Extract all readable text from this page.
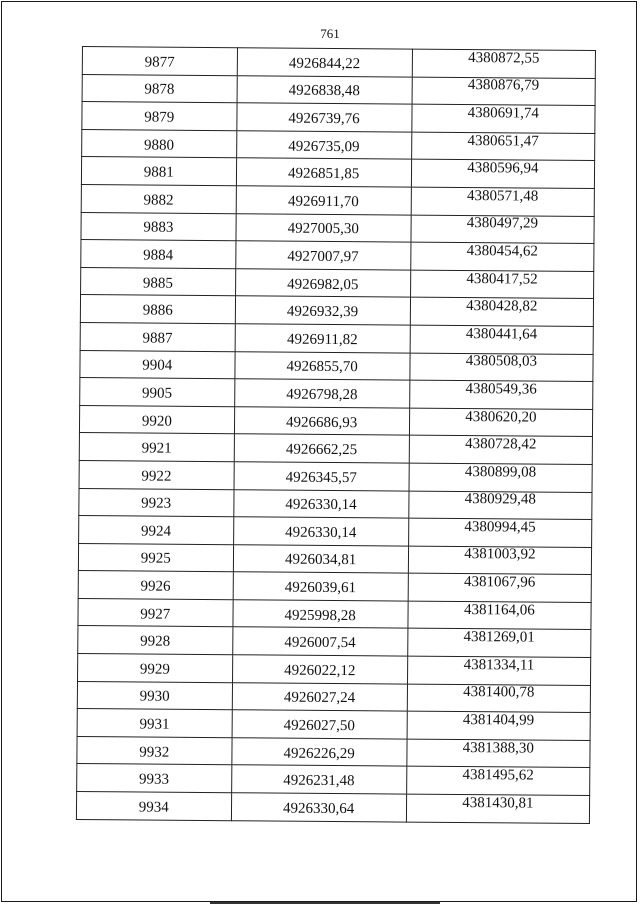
761
9877	4926844,22	4380872,55
9878	4926838,48	4380876,79
9879	4926739,76	4380691,74
9880	4926735,09	4380651,47
9881	4926851,85	4380596,94
9882	4926911,70	4380571,48
9883	4927005,30	4380497,29
9884	4927007,97	4380454,62
9885	4926982,05	4380417,52
9886	4926932,39	4380428,82
9887	4926911,82	4380441,64
9904	4926855,70	4380508,03
9905	4926798,28	4380549,36
9920	4926686,93	4380620,20
9921	4926662,25	4380728,42
9922	4926345,57	4380899,08
9923	4926330,14	4380929,48
9924	4926330,14	4380994,45
9925	4926034,81	4381003,92
9926	4926039,61	4381067,96
9927	4925998,28	4381164,06
9928	4926007,54	4381269,01
9929	4926022,12	4381334,11
9930	4926027,24	4381400,78
9931	4926027,50	4381404,99
9932	4926226,29	4381388,30
9933	4926231,48	4381495,62
9934	4926330,64	4381430,81
